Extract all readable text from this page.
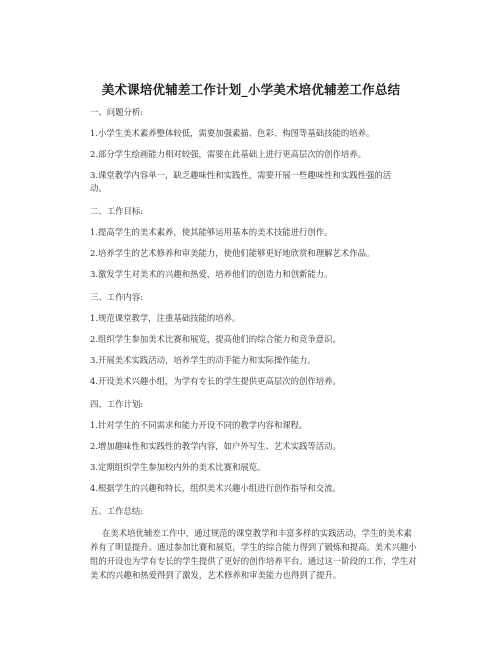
美术课培优辅差工作计划_小学美术培优辅差工作总结
一、问题分析:
1.小学生美术素养整体较低，需要加强素描、色彩、构图等基础技能的培养。
2.部分学生绘画能力相对较强，需要在此基础上进行更高层次的创作培养。
3.课堂教学内容单一，缺乏趣味性和实践性，需要开展一些趣味性和实践性强的活
动。
二、工作目标:
1.提高学生的美术素养，使其能够运用基本的美术技能进行创作。
2.培养学生的艺术修养和审美能力，使他们能够更好地欣赏和理解艺术作品。
3.激发学生对美术的兴趣和热爱，培养他们的创造力和创新能力。
三、工作内容:
1.规范课堂教学，注重基础技能的培养。
2.组织学生参加美术比赛和展览，提高他们的综合能力和竞争意识。
3.开展美术实践活动，培养学生的动手能力和实际操作能力。
4.开设美术兴趣小组，为学有专长的学生提供更高层次的创作培养。
四、工作计划:
1.针对学生的不同需求和能力开设不同的教学内容和课程。
2.增加趣味性和实践性的教学内容，如户外写生、艺术实践等活动。
3.定期组织学生参加校内外的美术比赛和展览。
4.根据学生的兴趣和特长，组织美术兴趣小组进行创作指导和交流。
五、工作总结:
在美术培优辅差工作中，通过规范的课堂教学和丰富多样的实践活动，学生的美术素
养有了明显提升。通过参加比赛和展览，学生的综合能力得到了锻炼和提高。美术兴趣小
组的开设也为学有专长的学生提供了更好的创作培养平台。通过这一阶段的工作，学生对
美术的兴趣和热爱得到了激发，艺术修养和审美能力也得到了提升。
